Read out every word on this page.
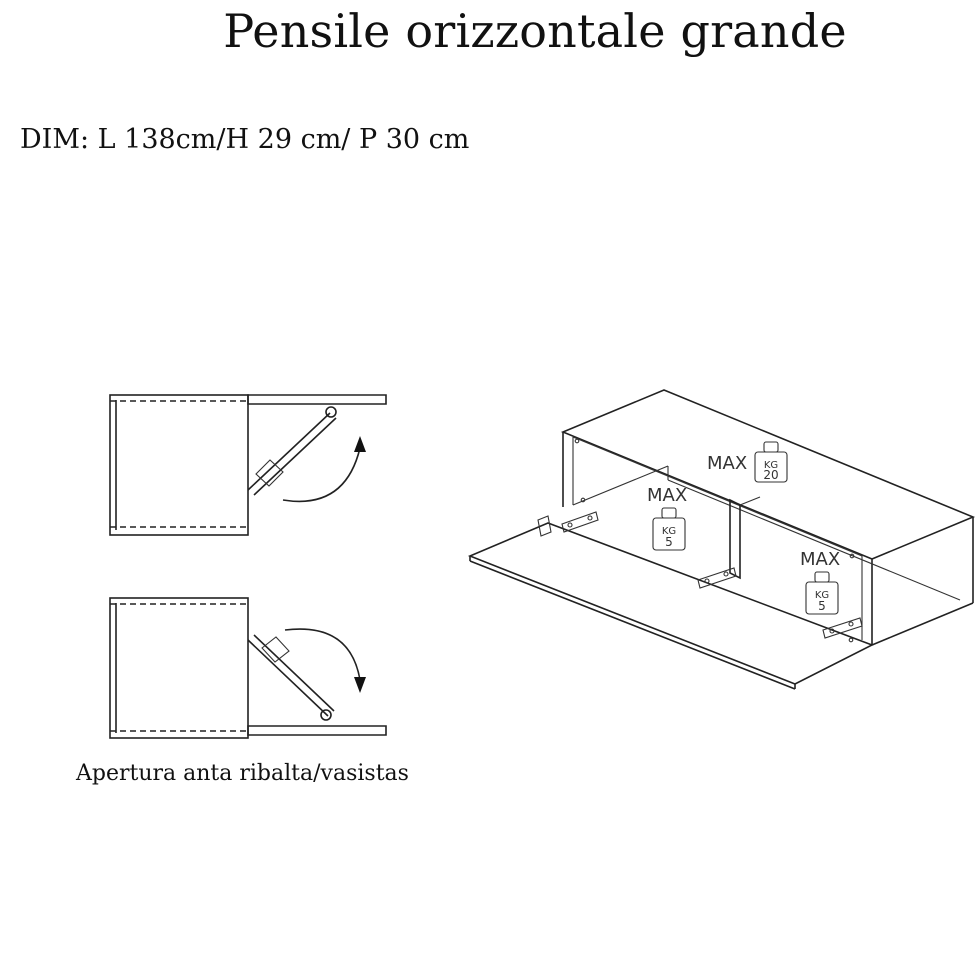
Pensile orizzontale grande
DIM: L 138cm/H 29 cm/ P 30 cm
Apertura anta ribalta/vasistas
MAX KG
20
MAX
KG
5
MAX
KG
5
